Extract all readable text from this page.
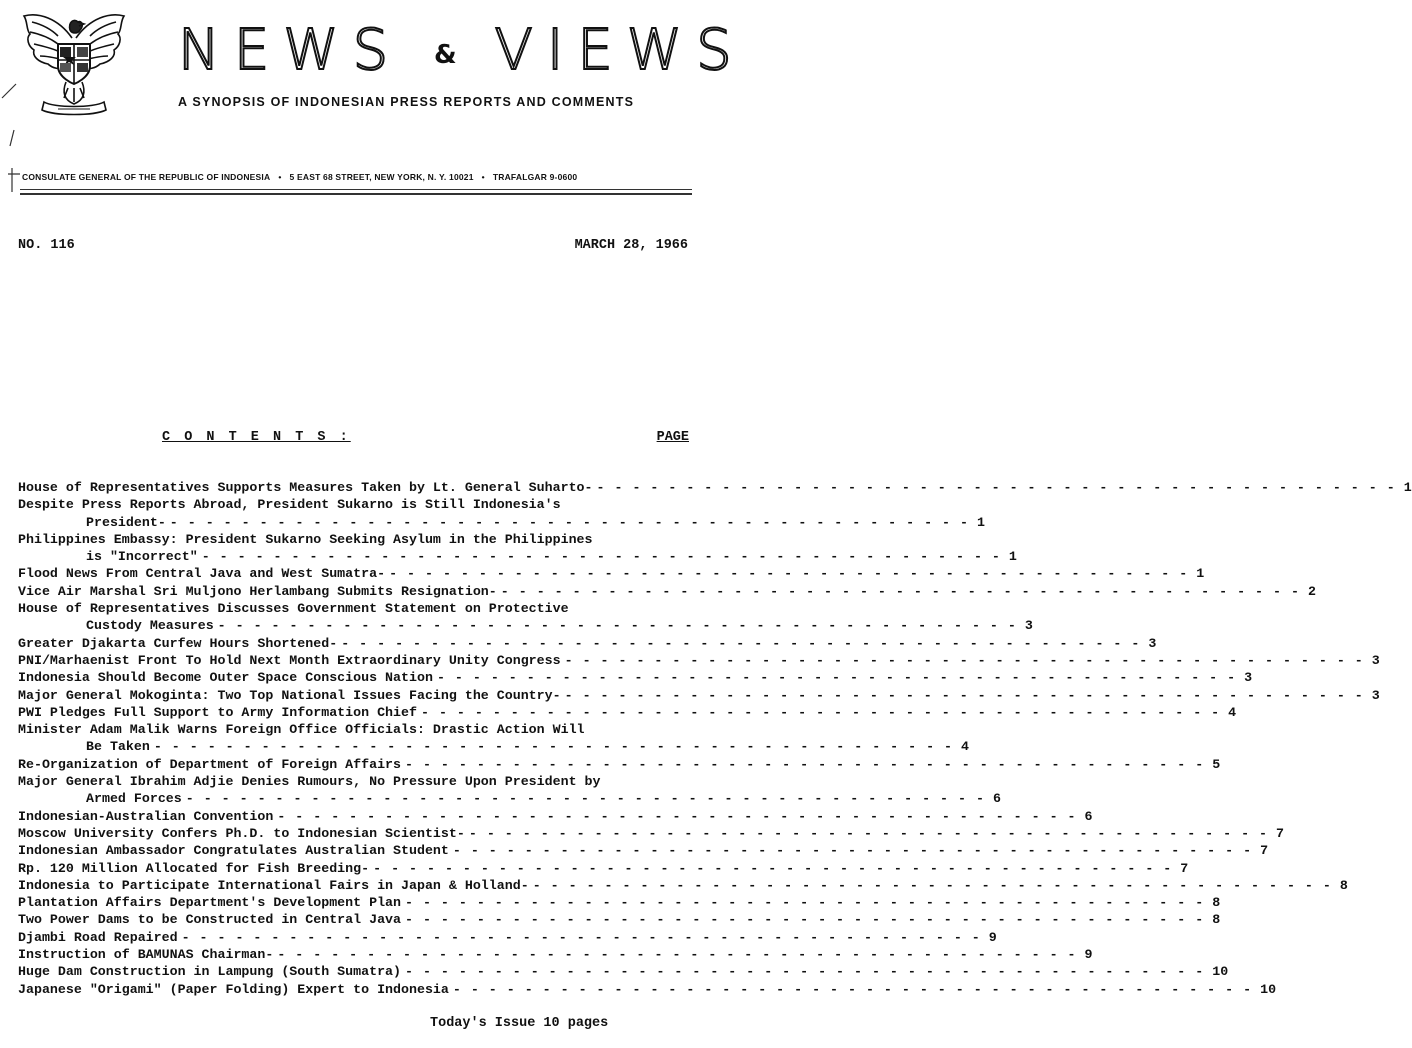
NEWS & VIEWS
A SYNOPSIS OF INDONESIAN PRESS REPORTS AND COMMENTS
CONSULATE GENERAL OF THE REPUBLIC OF INDONESIA • 5 EAST 68 STREET, NEW YORK, N. Y. 10021 • TRAFALGAR 9-0600
NO. 116	MARCH 28, 1966
C O N T E N T S :	PAGE
House of Representatives Supports Measures Taken by Lt. General Suharto- - - - - - - - - - - - - - - - - - - - - - - - - - - - - - - - - - - - - - - - - - - - - - 1
Despite Press Reports Abroad, President Sukarno is Still Indonesia's
President- - - - - - - - - - - - - - - - - - - - - - - - - - - - - - - - - - - - - - - - - - - - - - 1
Philippines Embassy: President Sukarno Seeking Asylum in the Philippines
is "Incorrect" - - - - - - - - - - - - - - - - - - - - - - - - - - - - - - - - - - - - - - - - - - - - - 1
Flood News From Central Java and West Sumatra- - - - - - - - - - - - - - - - - - - - - - - - - - - - - - - - - - - - - - - - - - - - - - 1
Vice Air Marshal Sri Muljono Herlambang Submits Resignation- - - - - - - - - - - - - - - - - - - - - - - - - - - - - - - - - - - - - - - - - - - - - - 2
House of Representatives Discusses Government Statement on Protective
Custody Measures - - - - - - - - - - - - - - - - - - - - - - - - - - - - - - - - - - - - - - - - - - - - - 3
Greater Djakarta Curfew Hours Shortened- - - - - - - - - - - - - - - - - - - - - - - - - - - - - - - - - - - - - - - - - - - - - - 3
PNI/Marhaenist Front To Hold Next Month Extraordinary Unity Congress - - - - - - - - - - - - - - - - - - - - - - - - - - - - - - - - - - - - - - - - - - - - - 3
Indonesia Should Become Outer Space Conscious Nation - - - - - - - - - - - - - - - - - - - - - - - - - - - - - - - - - - - - - - - - - - - - - 3
Major General Mokoginta: Two Top National Issues Facing the Country- - - - - - - - - - - - - - - - - - - - - - - - - - - - - - - - - - - - - - - - - - - - - - 3
PWI Pledges Full Support to Army Information Chief - - - - - - - - - - - - - - - - - - - - - - - - - - - - - - - - - - - - - - - - - - - - - 4
Minister Adam Malik Warns Foreign Office Officials: Drastic Action Will
Be Taken - - - - - - - - - - - - - - - - - - - - - - - - - - - - - - - - - - - - - - - - - - - - - 4
Re-Organization of Department of Foreign Affairs - - - - - - - - - - - - - - - - - - - - - - - - - - - - - - - - - - - - - - - - - - - - - 5
Major General Ibrahim Adjie Denies Rumours, No Pressure Upon President by
Armed Forces - - - - - - - - - - - - - - - - - - - - - - - - - - - - - - - - - - - - - - - - - - - - - 6
Indonesian-Australian Convention - - - - - - - - - - - - - - - - - - - - - - - - - - - - - - - - - - - - - - - - - - - - - 6
Moscow University Confers Ph.D. to Indonesian Scientist- - - - - - - - - - - - - - - - - - - - - - - - - - - - - - - - - - - - - - - - - - - - - - 7
Indonesian Ambassador Congratulates Australian Student - - - - - - - - - - - - - - - - - - - - - - - - - - - - - - - - - - - - - - - - - - - - - 7
Rp. 120 Million Allocated for Fish Breeding- - - - - - - - - - - - - - - - - - - - - - - - - - - - - - - - - - - - - - - - - - - - - - 7
Indonesia to Participate International Fairs in Japan & Holland- - - - - - - - - - - - - - - - - - - - - - - - - - - - - - - - - - - - - - - - - - - - - - 8
Plantation Affairs Department's Development Plan - - - - - - - - - - - - - - - - - - - - - - - - - - - - - - - - - - - - - - - - - - - - - 8
Two Power Dams to be Constructed in Central Java - - - - - - - - - - - - - - - - - - - - - - - - - - - - - - - - - - - - - - - - - - - - - 8
Djambi Road Repaired - - - - - - - - - - - - - - - - - - - - - - - - - - - - - - - - - - - - - - - - - - - - - 9
Instruction of BAMUNAS Chairman- - - - - - - - - - - - - - - - - - - - - - - - - - - - - - - - - - - - - - - - - - - - - - 9
Huge Dam Construction in Lampung (South Sumatra) - - - - - - - - - - - - - - - - - - - - - - - - - - - - - - - - - - - - - - - - - - - - - 10
Japanese "Origami" (Paper Folding) Expert to Indonesia - - - - - - - - - - - - - - - - - - - - - - - - - - - - - - - - - - - - - - - - - - - - - 10
Today's Issue 10 pages
